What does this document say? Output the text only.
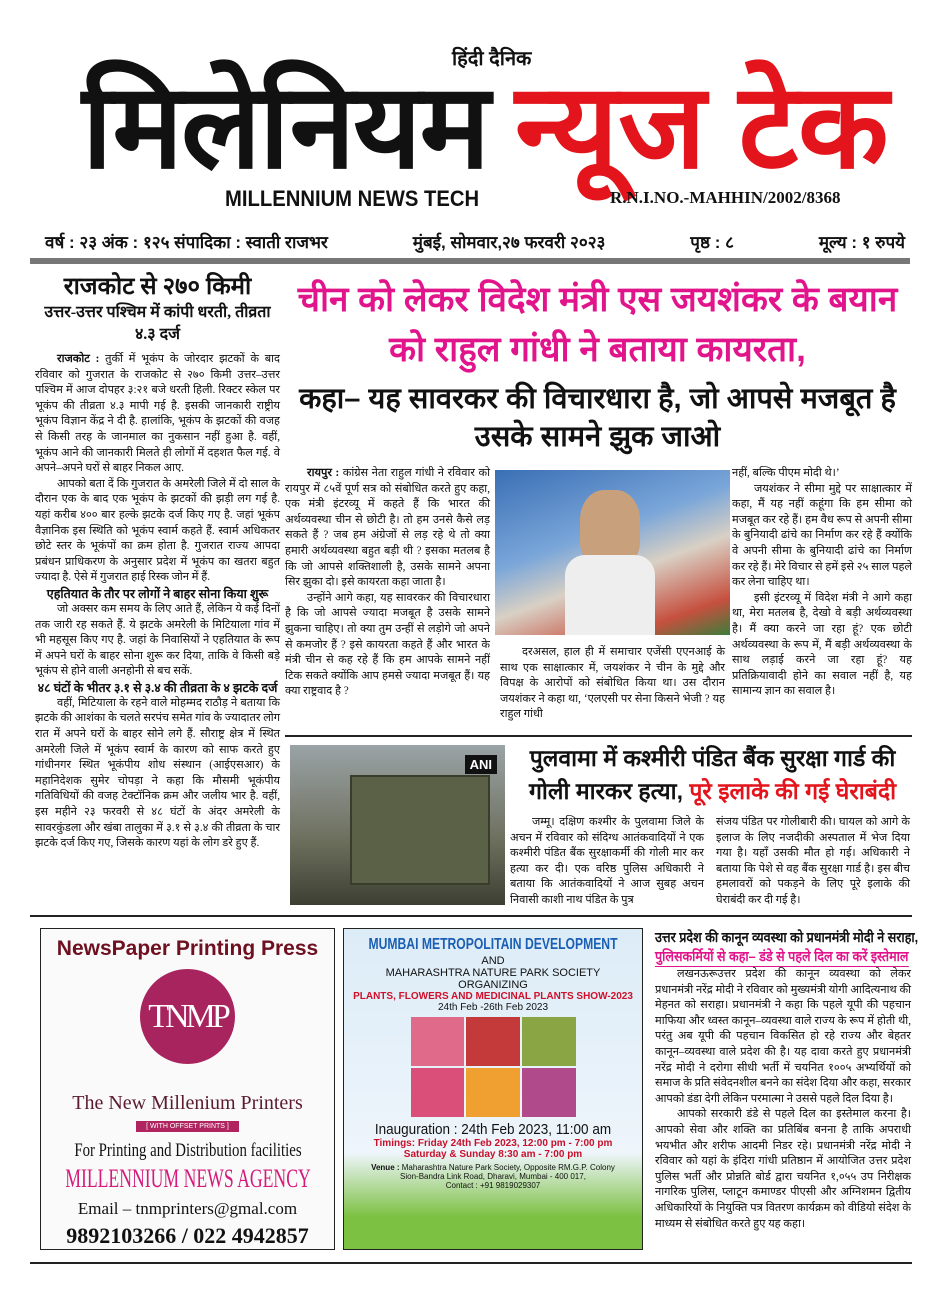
हिंदी दैनिक
मिलेनियम न्यूज टेक
MILLENNIUM NEWS TECH	R.N.I.NO.-MAHHIN/2002/8368
वर्ष : २३ अंक : १२५ संपादिका : स्वाती राजभर	मुंबई, सोमवार,२७ फरवरी २०२३	पृष्ठ : ८	मूल्य : १ रुपये
राजकोट से २७० किमी
उत्तर-उत्तर पश्चिम में कांपी धरती, तीव्रता ४.३ दर्ज

राजकोट : तुर्की में भूकंप के जोरदार झटकों के बाद रविवार को गुजरात के राजकोट से २७० किमी उत्तर–उत्तर पश्चिम में आज दोपहर ३:२१ बजे धरती हिली. रिक्टर स्केल पर भूकंप की तीव्रता ४.३ मापी गई है. इसकी जानकारी राष्ट्रीय भूकंप विज्ञान केंद्र ने दी है. हालांकि, भूकंप के झटकों की वजह से किसी तरह के जानमाल का नुकसान नहीं हुआ है. वहीं, भूकंप आने की जानकारी मिलते ही लोगों में दहशत फैल गई. वे अपने–अपने घरों से बाहर निकल आए.

आपको बता दें कि गुजरात के अमरेली जिले में दो साल के दौरान एक के बाद एक भूकंप के झटकों की झड़ी लग गई है. यहां करीब ४०० बार हल्के झटके दर्ज किए गए है. जहां भूकंप वैज्ञानिक इस स्थिति को भूकंप स्वार्म कहते हैं. स्वार्म अधिकतर छोटे स्तर के भूकंपों का क्रम होता है. गुजरात राज्य आपदा प्रबंधन प्राधिकरण के अनुसार प्रदेश में भूकंप का खतरा बहुत ज्यादा है. ऐसे में गुजरात हाई रिस्क जोन में हैं.

एहतियात के तौर पर लोगों ने बाहर सोना किया शुरू

जो अक्सर कम समय के लिए आते हैं, लेकिन ये कई दिनों तक जारी रह सकते हैं. ये झटके अमरेली के मिटियाला गांव में भी महसूस किए गए है. जहां के निवासियों ने एहतियात के रूप में अपने घरों के बाहर सोना शुरू कर दिया, ताकि वे किसी बड़े भूकंप से होने वाली अनहोनी से बच सकें.

४८ घंटों के भीतर ३.१ से ३.४ की तीव्रता के ४ झटके दर्ज

वहीं, मिटियाला के रहने वाले मोहम्मद राठौड़ ने बताया कि झटके की आशंका के चलते सरपंच समेत गांव के ज्यादातर लोग रात में अपने घरों के बाहर सोने लगे हैं. सौराष्ट्र क्षेत्र में स्थित अमरेली जिले में भूकंप स्वार्म के कारण को साफ करते हुए गांधीनगर स्थित भूकंपीय शोध संस्थान (आईएसआर) के महानिदेशक सुमेर चोपड़ा ने कहा कि मौसमी भूकंपीय गतिविधियों की वजह टेक्टॉनिक क्रम और जलीय भार है. वहीं, इस महीने २३ फरवरी से ४८ घंटों के अंदर अमरेली के सावरकुंडला और खंबा तालुका में ३.१ से ३.४ की तीव्रता के चार झटके दर्ज किए गए, जिसके कारण यहां के लोग डरे हुए हैं.

चीन को लेकर विदेश मंत्री एस जयशंकर के बयान को राहुल गांधी ने बताया कायरता,
कहा– यह सावरकर की विचारधारा है, जो आपसे मजबूत है उसके सामने झुक जाओ

रायपुर : कांग्रेस नेता राहुल गांधी ने रविवार को रायपुर में ८५वें पूर्ण सत्र को संबोधित करते हुए कहा, एक मंत्री इंटरव्यू में कहते हैं कि भारत की अर्थव्यवस्था चीन से छोटी है। तो हम उनसे कैसे लड़ सकते हैं ? जब हम अंग्रेजों से लड़ रहे थे तो क्या हमारी अर्थव्यवस्था बहुत बड़ी थी ? इसका मतलब है कि जो आपसे शक्तिशाली है, उसके सामने अपना सिर झुका दो। इसे कायरता कहा जाता है।

उन्होंने आगे कहा, यह सावरकर की विचारधारा है कि जो आपसे ज्यादा मजबूत है उसके सामने झुकना चाहिए। तो क्या तुम उन्हीं से लड़ोगे जो अपने से कमजोर हैं ? इसे कायरता कहते हैं और भारत के मंत्री चीन से कह रहे हैं कि हम आपके सामने नहीं टिक सकते क्योंकि आप हमसे ज्यादा मजबूत हैं। यह क्या राष्ट्रवाद है ?

दरअसल, हाल ही में समाचार एजेंसी एएनआई के साथ एक साक्षात्कार में, जयशंकर ने चीन के मुद्दे और विपक्ष के आरोपों को संबोधित किया था। उस दौरान जयशंकर ने कहा था, ‘एलएसी पर सेना किसने भेजी ? यह राहुल गांधी

नहीं, बल्कि पीएम मोदी थे।’

जयशंकर ने सीमा मुद्दे पर साक्षात्कार में कहा, मैं यह नहीं कहूंगा कि हम सीमा को मजबूत कर रहे हैं। हम वैध रूप से अपनी सीमा के बुनियादी ढांचे का निर्माण कर रहे हैं क्योंकि वे अपनी सीमा के बुनियादी ढांचे का निर्माण कर रहे हैं। मेरे विचार से हमें इसे २५ साल पहले कर लेना चाहिए था।

इसी इंटरव्यू में विदेश मंत्री ने आगे कहा था, मेरा मतलब है, देखो वे बड़ी अर्थव्यवस्था है। मैं क्या करने जा रहा हूं? एक छोटी अर्थव्यवस्था के रूप में, मैं बड़ी अर्थव्यवस्था के साथ लड़ाई करने जा रहा हूं? यह प्रतिक्रियावादी होने का सवाल नहीं है, यह सामान्य ज्ञान का सवाल है।

ANI	पुलवामा में कश्मीरी पंडित बैंक सुरक्षा गार्ड की गोली मारकर हत्या, पूरे इलाके की गई घेराबंदी

जम्मू। दक्षिण कश्मीर के पुलवामा जिले के अचन में रविवार को संदिग्ध आतंकवादियों ने एक कश्मीरी पंडित बैंक सुरक्षाकर्मी की गोली मार कर हत्या कर दी। एक वरिष्ठ पुलिस अधिकारी ने बताया कि आतंकवादियों ने आज सुबह अचन निवासी काशी नाथ पंडित के पुत्र

संजय पंडित पर गोलीबारी की। घायल को आगे के इलाज के लिए नजदीकी अस्पताल में भेज दिया गया है। यहाँ उसकी मौत हो गई। अधिकारी ने बताया कि पेशे से वह बैंक सुरक्षा गार्ड है। इस बीच हमलावरों को पकड़ने के लिए पूरे इलाके की घेराबंदी कर दी गई है।

NewsPaper Printing Press
TNMP
The New Millenium Printers
[ WITH OFFSET PRINTS ]
For Printing and Distribution facilities
MILLENNIUM NEWS AGENCY
Email – tnmprinters@gmal.com
9892103266 / 022 4942857
MUMBAI METROPOLITAIN DEVELOPMENT
AND
MAHARASHTRA NATURE PARK SOCIETY
ORGANIZING
PLANTS, FLOWERS AND MEDICINAL PLANTS SHOW-2023
24th Feb -26th Feb 2023
Inauguration : 24th Feb 2023, 11:00 am
Timings: Friday 24th Feb 2023, 12:00 pm - 7:00 pm
Saturday & Sunday 8:30 am - 7:00 pm
Venue : Maharashtra Nature Park Society, Opposite RM.G.P. Colony
Sion-Bandra Link Road, Dharavi, Mumbai - 400 017,
Contact : +91 9819029307
उत्तर प्रदेश की कानून व्यवस्था को प्रधानमंत्री मोदी ने सराहा,
पुलिसकर्मियों से कहा– डंडे से पहले दिल का करें इस्तेमाल

लखनऊरूउत्तर प्रदेश की कानून व्यवस्था को लेकर प्रधानमंत्री नरेंद्र मोदी ने रविवार को मुख्यमंत्री योगी आदित्यनाथ की मेहनत को सराहा। प्रधानमंत्री ने कहा कि पहले यूपी की पहचान माफिया और ध्वस्त कानून–व्यवस्था वाले राज्य के रूप में होती थी, परंतु अब यूपी की पहचान विकसित हो रहे राज्य और बेहतर कानून–व्यवस्था वाले प्रदेश की है। यह दावा करते हुए प्रधानमंत्री नरेंद्र मोदी ने दरोगा सीधी भर्ती में चयनित १००५ अभ्यर्थियों को समाज के प्रति संवेदनशील बनने का संदेश दिया और कहा, सरकार आपको डंडा देगी लेकिन परमात्मा ने उससे पहले दिल दिया है।

आपको सरकारी डंडे से पहले दिल का इस्तेमाल करना है। आपको सेवा और शक्ति का प्रतिबिंब बनना है ताकि अपराधी भयभीत और शरीफ आदमी निडर रहे। प्रधानमंत्री नरेंद्र मोदी ने रविवार को यहां के इंदिरा गांधी प्रतिष्ठान में आयोजित उत्तर प्रदेश पुलिस भर्ती और प्रोन्नति बोर्ड द्वारा चयनित १,०५५ उप निरीक्षक नागरिक पुलिस, प्लाटून कमाण्डर पीएसी और अग्निशमन द्वितीय अधिकारियों के नियुक्ति पत्र वितरण कार्यक्रम को वीडियो संदेश के माध्यम से संबोधित करते हुए यह कहा।
